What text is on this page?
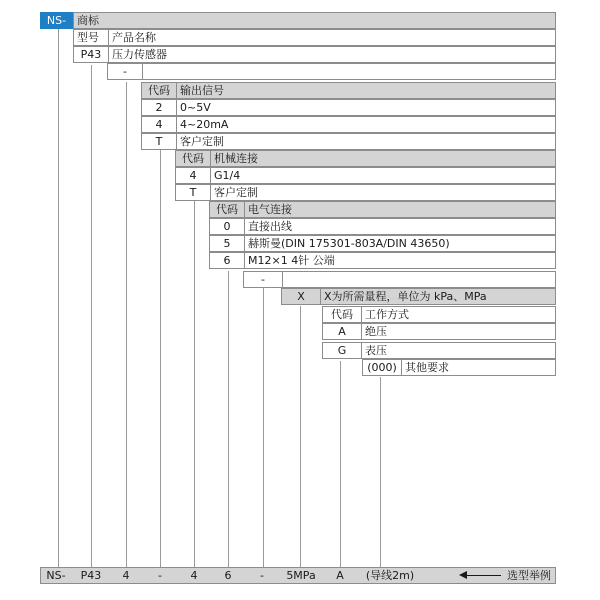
NS- 商标
型号	产品名称
P43 压力传感器
-
代码 输出信号
2	0~5V
4	4~20mA
T	客户定制
代码 机械连接
4	G1/4
T	客户定制
代码 电气连接
0	直接出线
5	赫斯曼(DIN 175301-803A/DIN 43650)
6	M12×1 4针 公端
-
X	X为所需量程，单位为 kPa、MPa
代码	工作方式
A	绝压
G	表压
(000) 其他要求
NS-	P43	4	-	4	6	-	5MPa	A	(导线2m)	选型举例
